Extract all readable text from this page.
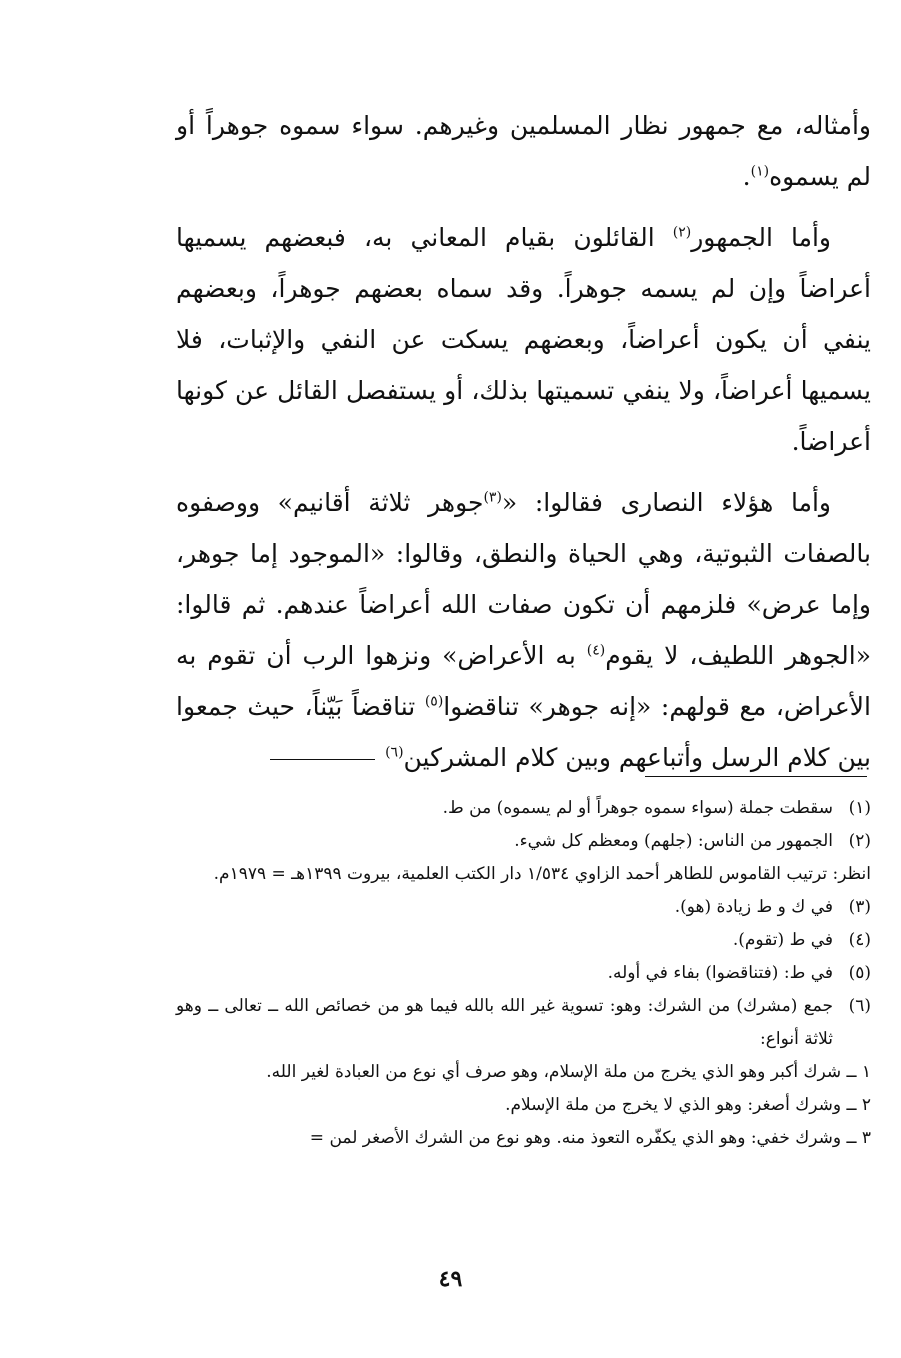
وأمثاله، مع جمهور نظار المسلمين وغيرهم. سواء سموه جوهراً أو لم يسموه$^{(١)}$.

وأما الجمهور$^{(٢)}$ القائلون بقيام المعاني به، فبعضهم يسميها أعراضاً وإن لم يسمه جوهراً. وقد سماه بعضهم جوهراً، وبعضهم ينفي أن يكون أعراضاً، وبعضهم يسكت عن النفي والإثبات، فلا يسميها أعراضاً، ولا ينفي تسميتها بذلك، أو يستفصل القائل عن كونها أعراضاً.

وأما هؤلاء النصارى فقالوا: «$^{(٣)}$جوهر ثلاثة أقانيم» ووصفوه بالصفات الثبوتية، وهي الحياة والنطق، وقالوا: «الموجود إما جوهر، وإما عرض» فلزمهم أن تكون صفات الله أعراضاً عندهم. ثم قالوا: «الجوهر اللطيف، لا يقوم$^{(٤)}$ به الأعراض» ونزهوا الرب أن تقوم به الأعراض، مع قولهم: «إنه جوهر» تناقضوا$^{(٥)}$ تناقضاً بَيّناً، حيث جمعوا بين كلام الرسل وأتباعهم وبين كلام المشركين$^{(٦)}$

(١)
سقطت جملة (سواء سموه جوهراً أو لم يسموه) من ط.
(٢)
الجمهور من الناس: (جلهم) ومعظم كل شيء.
انظر: ترتيب القاموس للطاهر أحمد الزاوي ١/٥٣٤ دار الكتب العلمية، بيروت ١٣٩٩هـ = ١٩٧٩م.
(٣)
في ك و ط زيادة (هو).
(٤)
في ط (تقوم).
(٥)
في ط: (فتناقضوا) بفاء في أوله.
(٦)
جمع (مشرك) من الشرك: وهو: تسوية غير الله بالله فيما هو من خصائص الله ــ تعالى ــ وهو ثلاثة أنواع:
١ ــ شرك أكبر وهو الذي يخرج من ملة الإسلام، وهو صرف أي نوع من العبادة لغير الله.
٢ ــ وشرك أصغر: وهو الذي لا يخرج من ملة الإسلام.
٣ ــ وشرك خفي: وهو الذي يكفّره التعوذ منه. وهو نوع من الشرك الأصغر لمن =
٤٩
